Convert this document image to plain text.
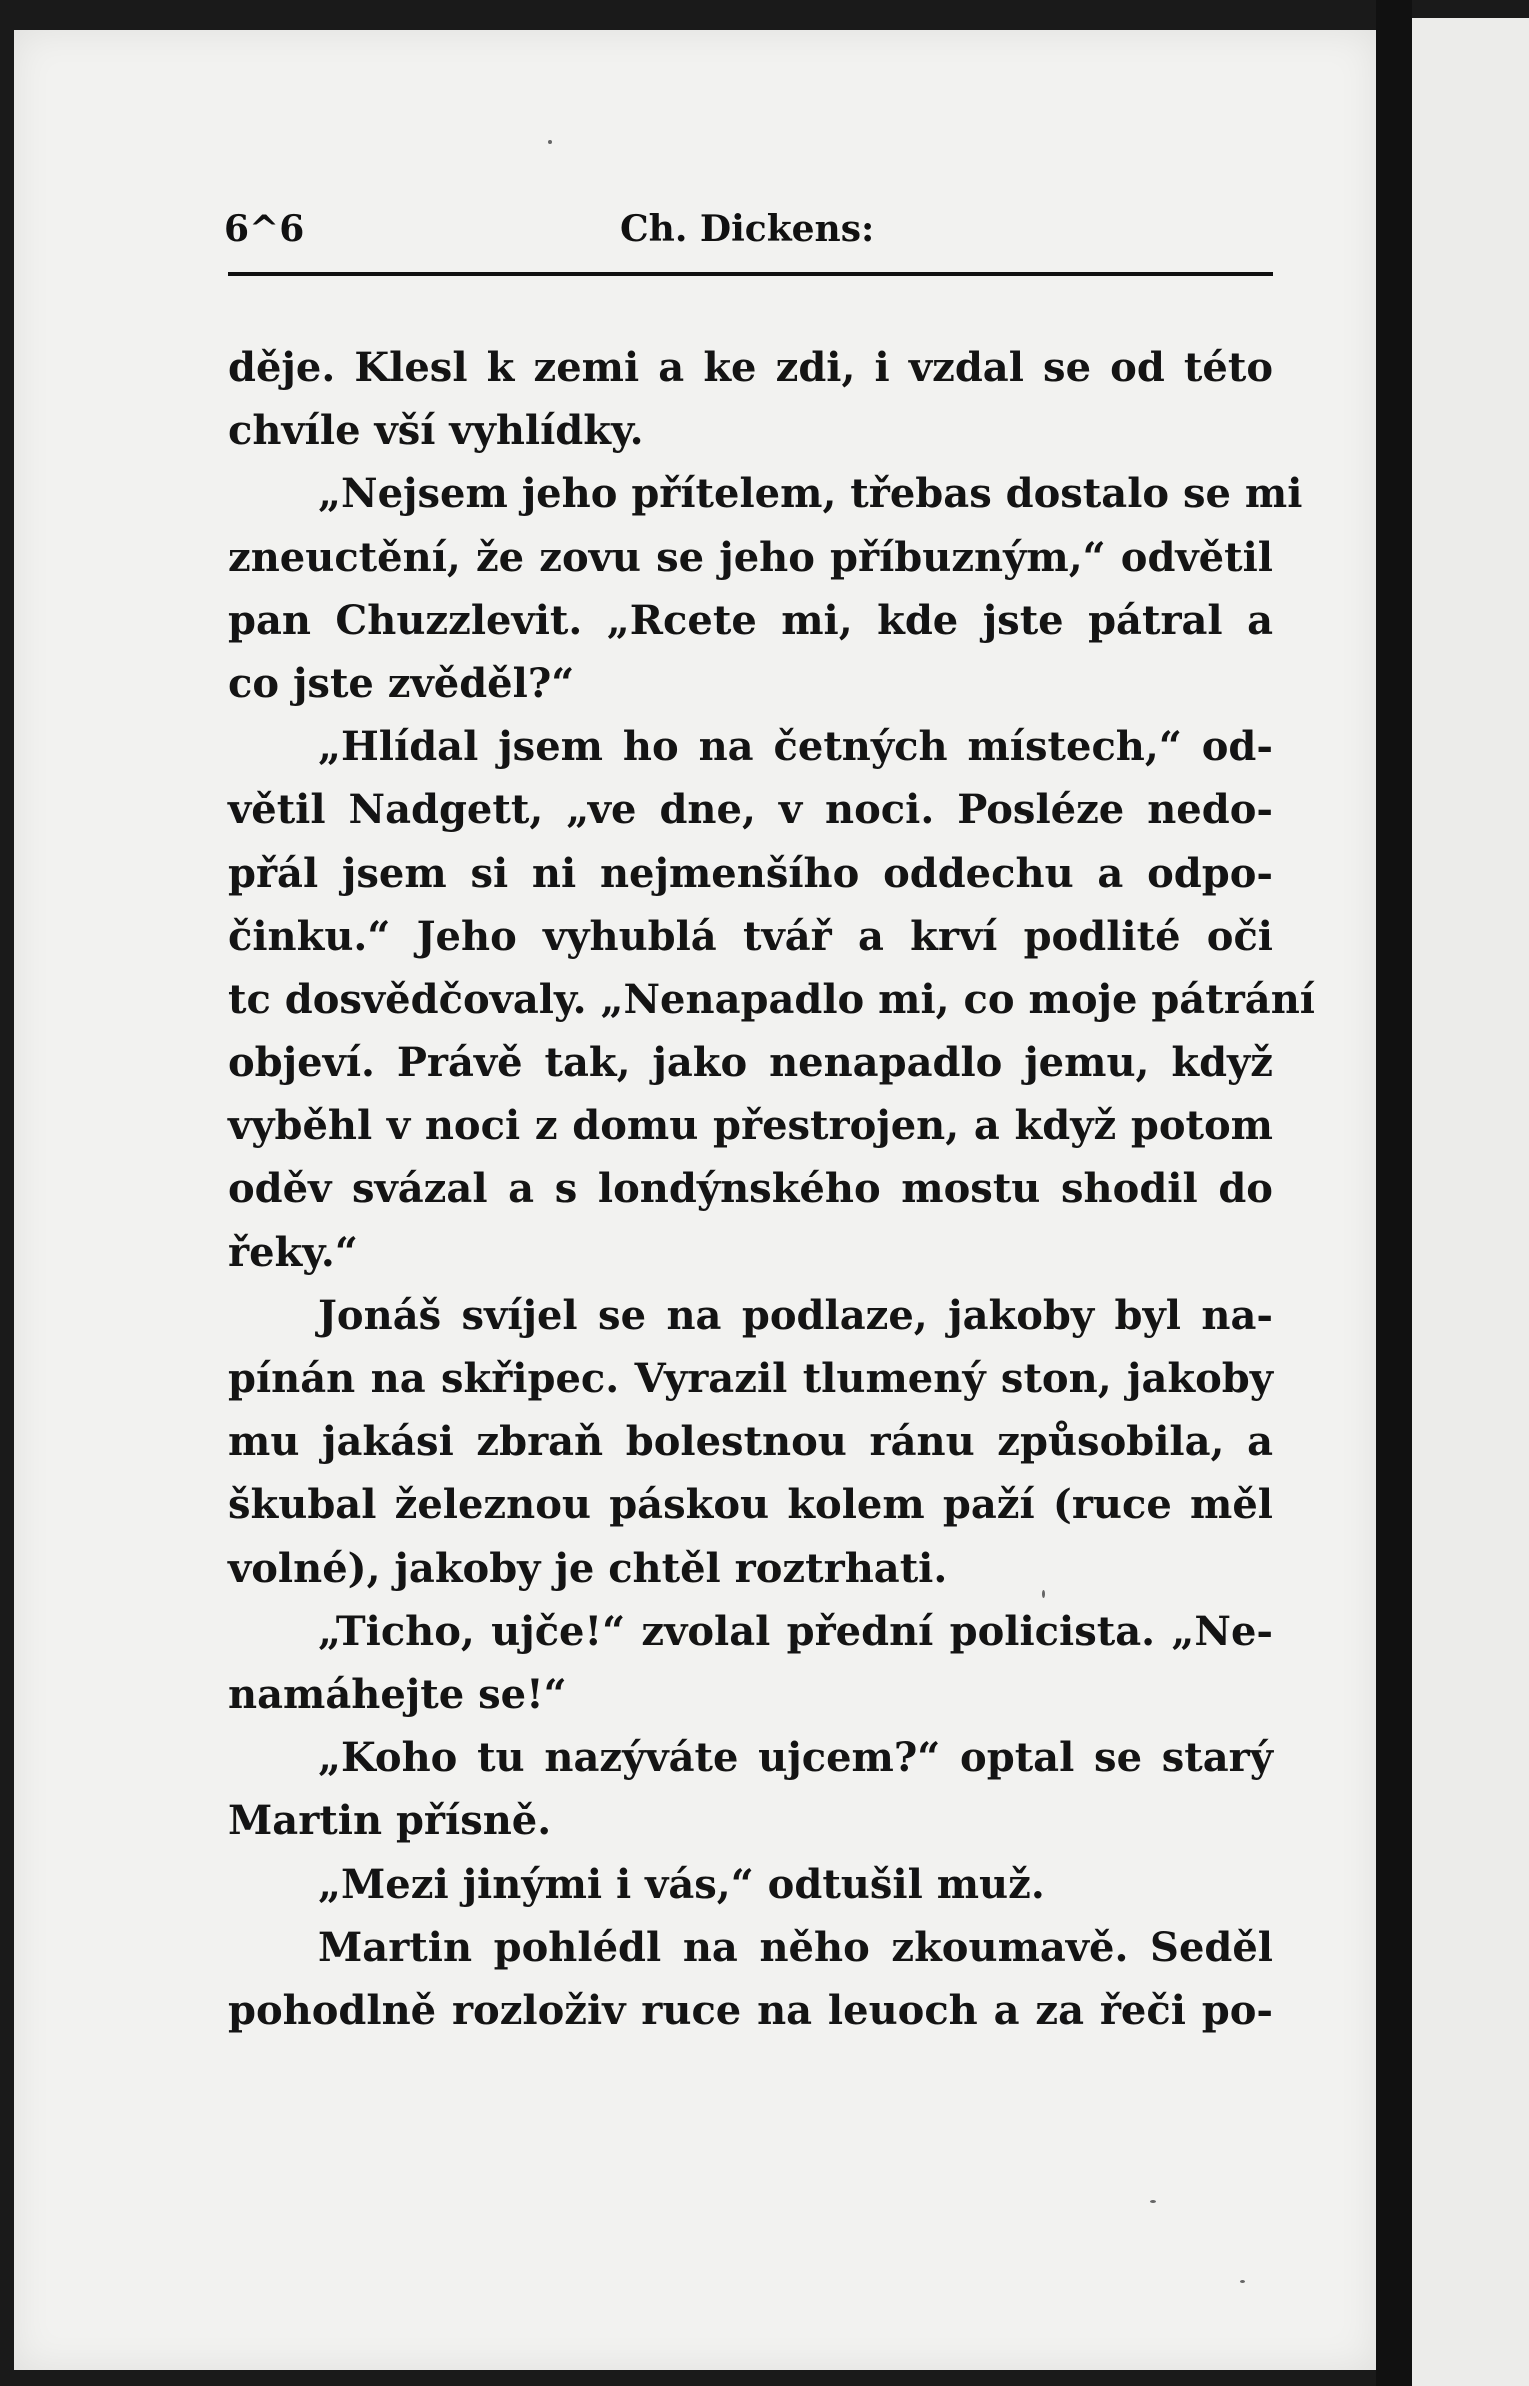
6^6	Ch. Dickens:
děje. Klesl k zemi a ke zdi, i vzdal se od této
chvíle vší vyhlídky.
„Nejsem jeho přítelem, třebas dostalo se mi
zneuctění, že zovu se jeho příbuzným,“ odvětil
pan Chuzzlevit. „Rcete mi, kde jste pátral a
co jste zvěděl?“
„Hlídal jsem ho na četných místech,“ od-
větil Nadgett, „ve dne, v noci. Posléze nedo-
přál jsem si ni nejmenšího oddechu a odpo-
činku.“ Jeho vyhublá tvář a krví podlité oči
tc dosvědčovaly. „Nenapadlo mi, co moje pátrání
objeví. Právě tak, jako nenapadlo jemu, když
vyběhl v noci z domu přestrojen, a když potom
oděv svázal a s londýnského mostu shodil do
řeky.“
Jonáš svíjel se na podlaze, jakoby byl na-
pínán na skřipec. Vyrazil tlumený ston, jakoby
mu jakási zbraň bolestnou ránu způsobila, a
škubal železnou páskou kolem paží (ruce měl
volné), jakoby je chtěl roztrhati.
„Ticho, ujče!“ zvolal přední policista. „Ne-
namáhejte se!“
„Koho tu nazýváte ujcem?“ optal se starý
Martin přísně.
„Mezi jinými i vás,“ odtušil muž.
Martin pohlédl na něho zkoumavě. Seděl
pohodlně rozloživ ruce na leuoch a za řeči po-
